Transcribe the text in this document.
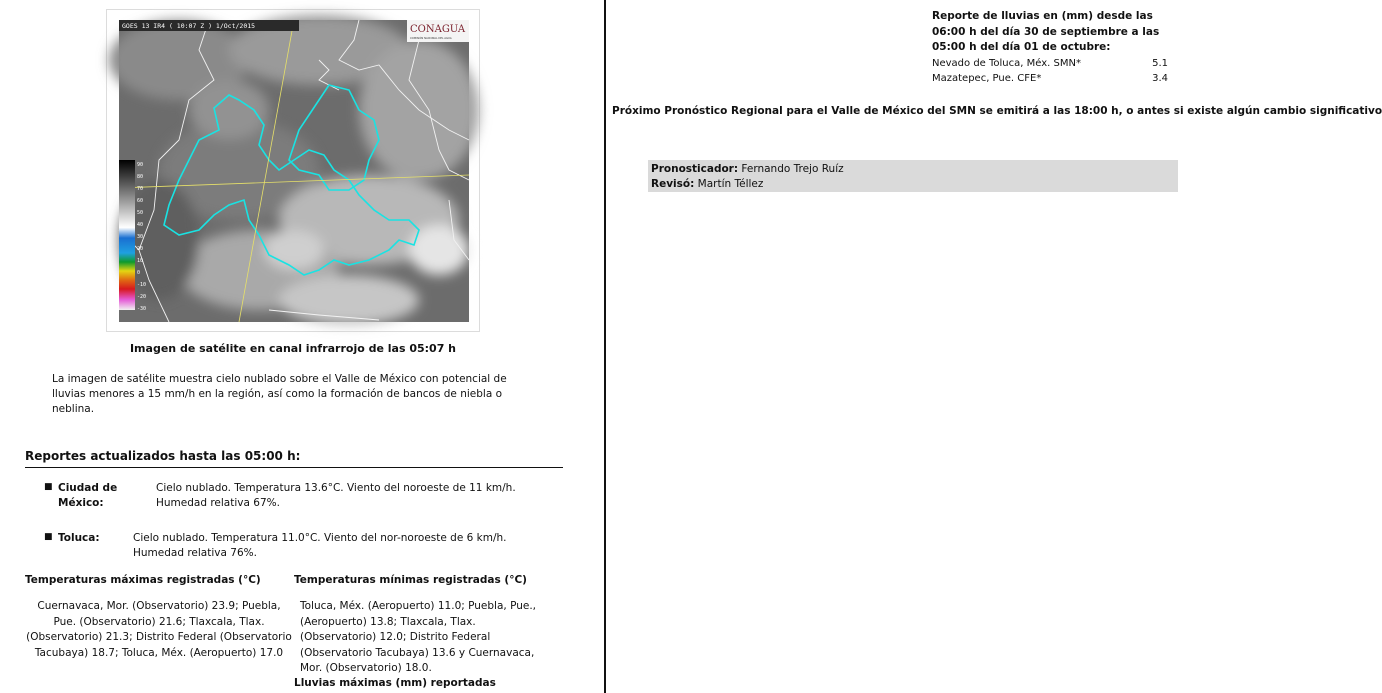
90
80
70
60
50
40
30
20
10
0
-10
-20
-30
GOES 13 IR4 ( 10:07 Z ) 1/Oct/2015	CONAGUA
COMISIÓN NACIONAL DEL AGUA
Imagen de satélite en canal infrarrojo de las 05:07 h
La imagen de satélite muestra cielo nublado sobre el Valle de México con potencial de lluvias menores a 15 mm/h en la región, así como la formación de bancos de niebla o neblina.
Reportes actualizados hasta las 05:00 h:
■ Ciudad de México:
Cielo nublado. Temperatura 13.6°C. Viento del noroeste de 11 km/h. Humedad relativa 67%.
■ Toluca:	Cielo nublado. Temperatura 11.0°C. Viento del nor-noroeste de 6 km/h. Humedad relativa 76%.
Temperaturas máximas registradas (°C)	Temperaturas mínimas registradas (°C)
Cuernavaca, Mor. (Observatorio) 23.9; Puebla, Pue. (Observatorio) 21.6; Tlaxcala, Tlax. (Observatorio) 21.3; Distrito Federal (Observatorio Tacubaya) 18.7; Toluca, Méx. (Aeropuerto) 17.0
Toluca, Méx. (Aeropuerto) 11.0; Puebla, Pue., (Aeropuerto) 13.8; Tlaxcala, Tlax. (Observatorio) 12.0; Distrito Federal (Observatorio Tacubaya) 13.6 y Cuernavaca, Mor. (Observatorio) 18.0.
Lluvias máximas (mm) reportadas
Reporte de lluvias en (mm) desde las 06:00 h del día 30 de septiembre a las 05:00 h del día 01 de octubre:
Nevado de Toluca, Méx. SMN*	5.1
Mazatepec, Pue. CFE*	3.4
Próximo Pronóstico Regional para el Valle de México del SMN se emitirá a las 18:00 h, o antes si existe algún cambio significativo
Pronosticador: Fernando Trejo Ruíz
Revisó: Martín Téllez
